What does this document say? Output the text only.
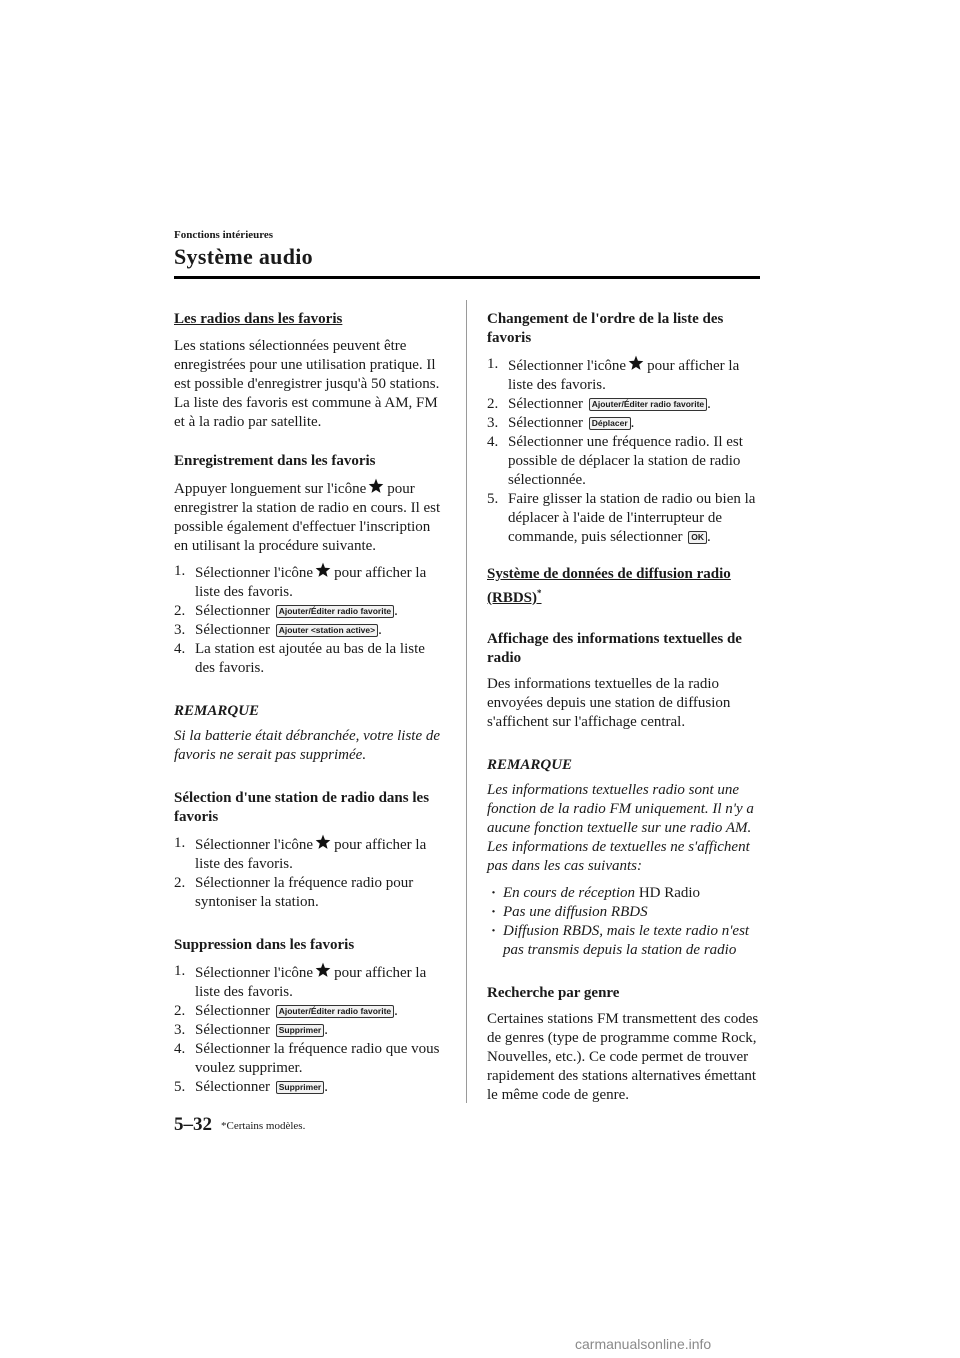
Fonctions intérieures
Système audio

Les radios dans les favoris

Les stations sélectionnées peuvent être enregistrées pour une utilisation pratique. Il est possible d'enregistrer jusqu'à 50 stations. La liste des favoris est commune à AM, FM et à la radio par satellite.

Enregistrement dans les favoris

Appuyer longuement sur l'icône pour enregistrer la station de radio en cours. Il est possible également d'effectuer l'inscription en utilisant la procédure suivante.

1. Sélectionner l'icône pour afficher la liste des favoris.
2. Sélectionner Ajouter/Éditer radio favorite .
3. Sélectionner Ajouter <station active> .
4. La station est ajoutée au bas de la liste des favoris.

REMARQUE

Si la batterie était débranchée, votre liste de favoris ne serait pas supprimée.

Sélection d'une station de radio dans les favoris

1. Sélectionner l'icône pour afficher la liste des favoris.
2. Sélectionner la fréquence radio pour syntoniser la station.

Suppression dans les favoris

1. Sélectionner l'icône pour afficher la liste des favoris.
2. Sélectionner Ajouter/Éditer radio favorite .
3. Sélectionner Supprimer .
4. Sélectionner la fréquence radio que vous voulez supprimer.
5. Sélectionner Supprimer .

Changement de l'ordre de la liste des favoris

1. Sélectionner l'icône pour afficher la liste des favoris.
2. Sélectionner Ajouter/Éditer radio favorite .
3. Sélectionner Déplacer .
4. Sélectionner une fréquence radio. Il est possible de déplacer la station de radio sélectionnée.
5. Faire glisser la station de radio ou bien la déplacer à l'aide de l'interrupteur de commande, puis sélectionner OK .

Système de données de diffusion radio (RBDS)*

Affichage des informations textuelles de radio

Des informations textuelles de la radio envoyées depuis une station de diffusion s'affichent sur l'affichage central.

REMARQUE

Les informations textuelles radio sont une fonction de la radio FM uniquement. Il n'y a aucune fonction textuelle sur une radio AM. Les informations de textuelles ne s'affichent pas dans les cas suivants:

· En cours de réception HD Radio
· Pas une diffusion RBDS
· Diffusion RBDS, mais le texte radio n'est pas transmis depuis la station de radio

Recherche par genre

Certaines stations FM transmettent des codes de genres (type de programme comme Rock, Nouvelles, etc.). Ce code permet de trouver rapidement des stations alternatives émettant le même code de genre.

5–32 *Certains modèles.
carmanualsonline.info
